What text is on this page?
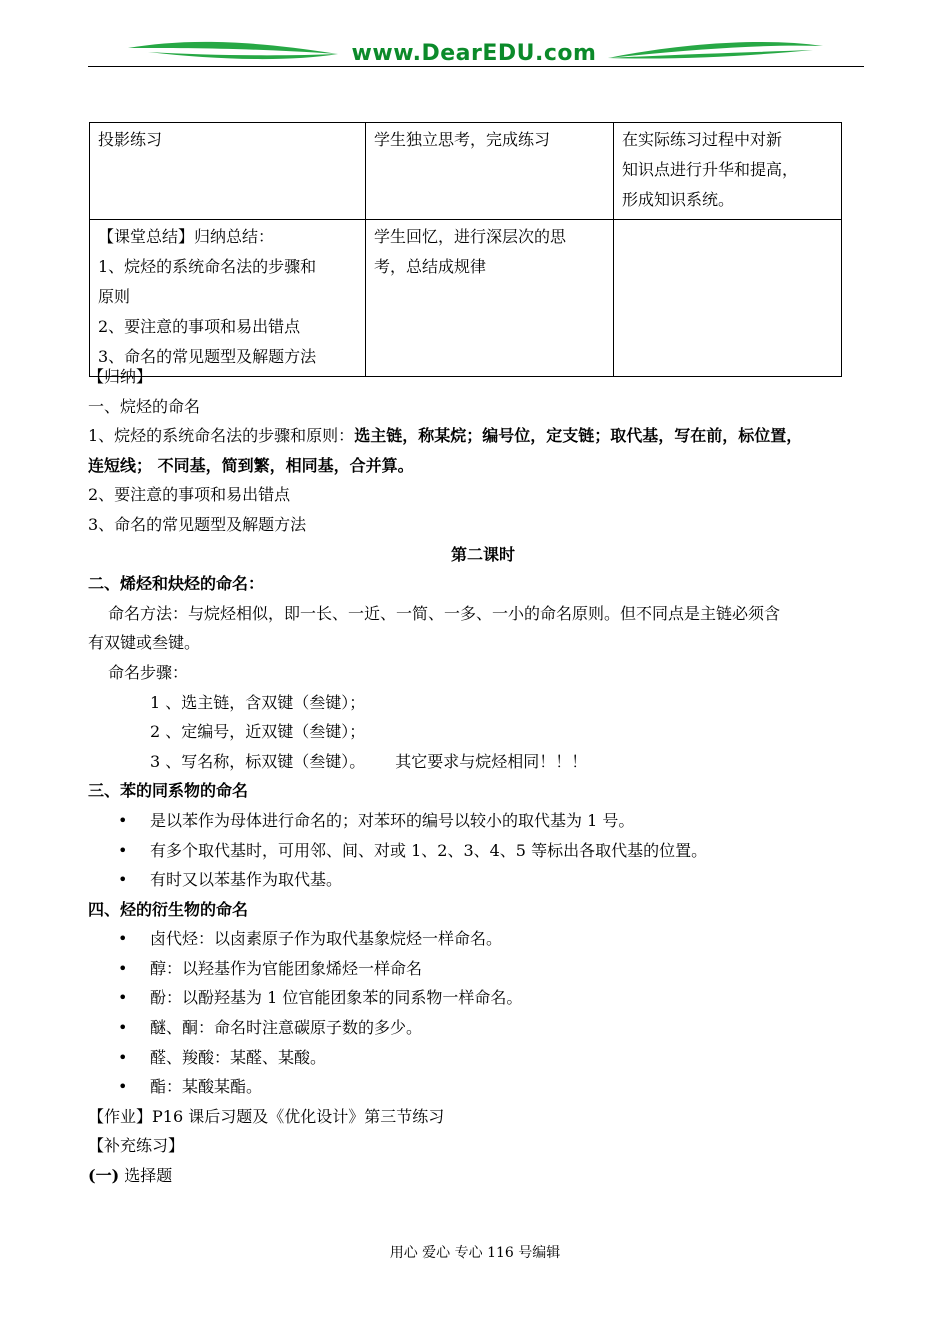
www.DearEDU.com
投影练习	学生独立思考，完成练习	在实际练习过程中对新
知识点进行升华和提高，
形成知识系统。

【课堂总结】归纳总结：
1、烷烃的系统命名法的步骤和
原则
2、要注意的事项和易出错点
3、命名的常见题型及解题方法	学生回忆，进行深层次的思
考，总结成规律	

【归纳】
一、烷烃的命名
1、烷烃的系统命名法的步骤和原则：选主链，称某烷；编号位，定支链；取代基，写在前，标位置，
连短线； 不同基，简到繁，相同基，合并算。
2、要注意的事项和易出错点
3、命名的常见题型及解题方法
第二课时
二、烯烃和炔烃的命名：
命名方法：与烷烃相似，即一长、一近、一简、一多、一小的命名原则。但不同点是主链必须含
有双键或叁键。
命名步骤：
1 、选主链，含双键（叁键）；
2 、定编号，近双键（叁键）；
3 、写名称，标双键（叁键）。 其它要求与烷烃相同！！！
三、苯的同系物的命名
• 是以苯作为母体进行命名的；对苯环的编号以较小的取代基为 1 号。
• 有多个取代基时，可用邻、间、对或 1、2、3、4、5 等标出各取代基的位置。
• 有时又以苯基作为取代基。
四、烃的衍生物的命名
• 卤代烃：以卤素原子作为取代基象烷烃一样命名。
• 醇：以羟基作为官能团象烯烃一样命名
• 酚：以酚羟基为 1 位官能团象苯的同系物一样命名。
• 醚、酮：命名时注意碳原子数的多少。
• 醛、羧酸：某醛、某酸。
• 酯：某酸某酯。
【作业】P16 课后习题及《优化设计》第三节练习
【补充练习】
(一) 选择题
用心 爱心 专心 116 号编辑
